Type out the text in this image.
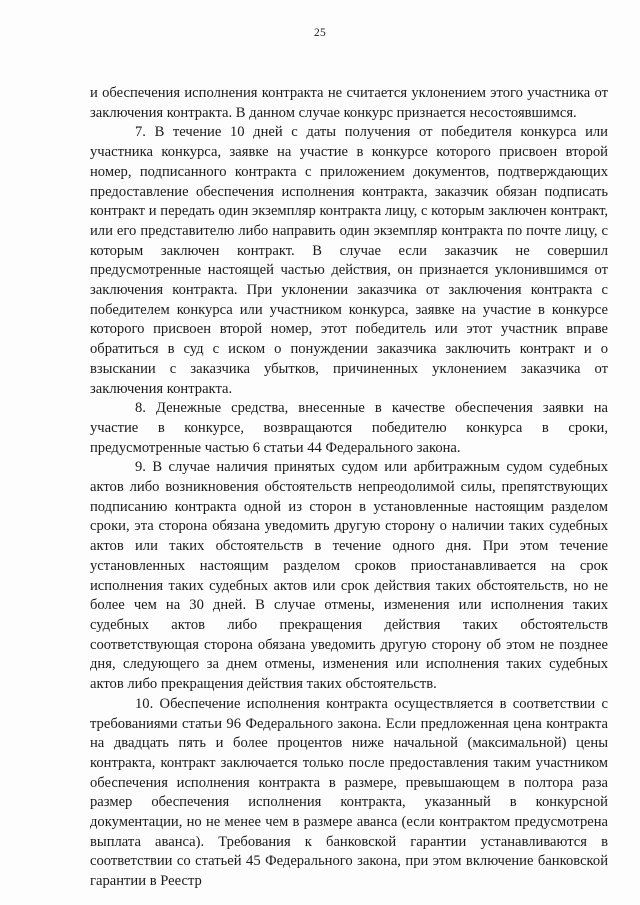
25

и обеспечения исполнения контракта не считается уклонением этого участника от заключения контракта. В данном случае конкурс признается несостоявшимся.

7. В течение 10 дней с даты получения от победителя конкурса или участника конкурса, заявке на участие в конкурсе которого присвоен второй номер, подписанного контракта с приложением документов, подтверждающих предоставление обеспечения исполнения контракта, заказчик обязан подписать контракт и передать один экземпляр контракта лицу, с которым заключен контракт, или его представителю либо направить один экземпляр контракта по почте лицу, с которым заключен контракт. В случае если заказчик не совершил предусмотренные настоящей частью действия, он признается уклонившимся от заключения контракта. При уклонении заказчика от заключения контракта с победителем конкурса или участником конкурса, заявке на участие в конкурсе которого присвоен второй номер, этот победитель или этот участник вправе обратиться в суд с иском о понуждении заказчика заключить контракт и о взыскании с заказчика убытков, причиненных уклонением заказчика от заключения контракта.

8. Денежные средства, внесенные в качестве обеспечения заявки на участие в конкурсе, возвращаются победителю конкурса в сроки, предусмотренные частью 6 статьи 44 Федерального закона.

9. В случае наличия принятых судом или арбитражным судом судебных актов либо возникновения обстоятельств непреодолимой силы, препятствующих подписанию контракта одной из сторон в установленные настоящим разделом сроки, эта сторона обязана уведомить другую сторону о наличии таких судебных актов или таких обстоятельств в течение одного дня. При этом течение установленных настоящим разделом сроков приостанавливается на срок исполнения таких судебных актов или срок действия таких обстоятельств, но не более чем на 30 дней. В случае отмены, изменения или исполнения таких судебных актов либо прекращения действия таких обстоятельств соответствующая сторона обязана уведомить другую сторону об этом не позднее дня, следующего за днем отмены, изменения или исполнения таких судебных актов либо прекращения действия таких обстоятельств.

10. Обеспечение исполнения контракта осуществляется в соответствии с требованиями статьи 96 Федерального закона. Если предложенная цена контракта на двадцать пять и более процентов ниже начальной (максимальной) цены контракта, контракт заключается только после предоставления таким участником обеспечения исполнения контракта в размере, превышающем в полтора раза размер обеспечения исполнения контракта, указанный в конкурсной документации, но не менее чем в размере аванса (если контрактом предусмотрена выплата аванса). Требования к банковской гарантии устанавливаются в соответствии со статьей 45 Федерального закона, при этом включение банковской гарантии в Реестр
